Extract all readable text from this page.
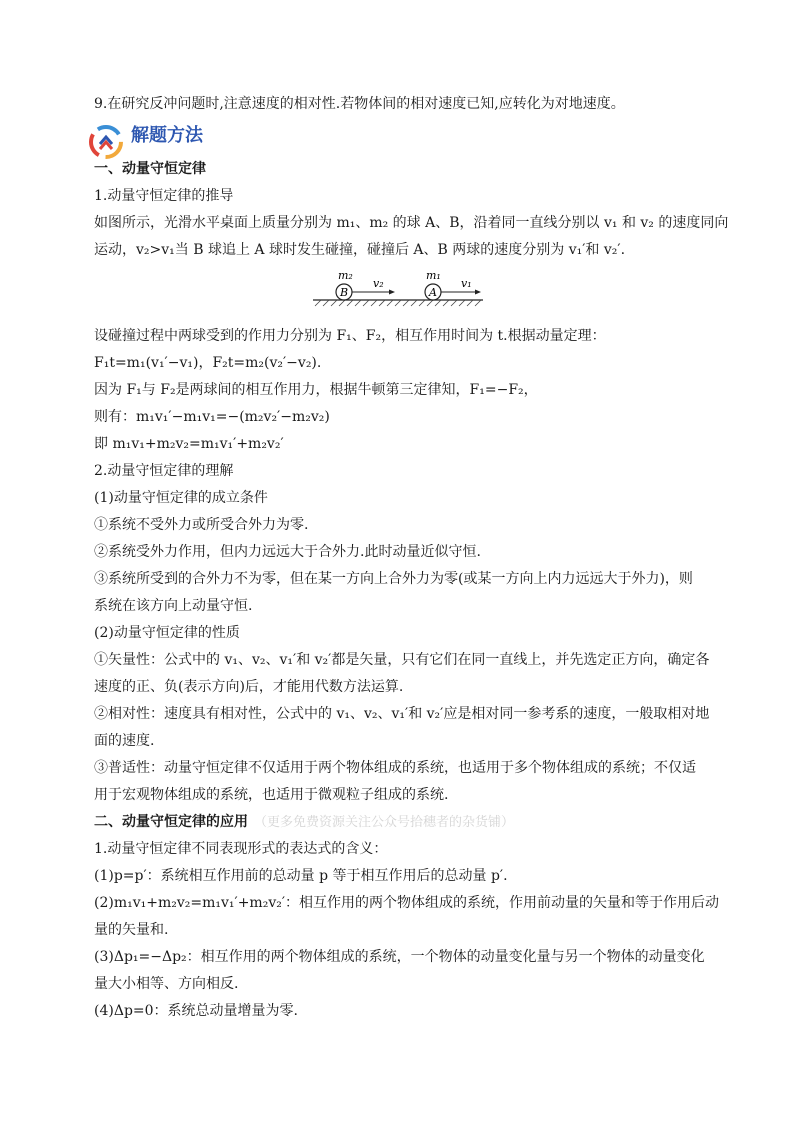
9.在研究反冲问题时,注意速度的相对性.若物体间的相对速度已知,应转化为对地速度。
解题方法
一、动量守恒定律
1.动量守恒定律的推导
如图所示，光滑水平桌面上质量分别为 m₁、m₂ 的球 A、B，沿着同一直线分别以 v₁ 和 v₂ 的速度同向
运动，v₂>v₁当 B 球追上 A 球时发生碰撞，碰撞后 A、B 两球的速度分别为 v₁′和 v₂′.
B
m₂
v₂
A
m₁
v₁
设碰撞过程中两球受到的作用力分别为 F₁、F₂，相互作用时间为 t.根据动量定理：
F₁t=m₁(v₁′−v₁)，F₂t=m₂(v₂′−v₂).
因为 F₁与 F₂是两球间的相互作用力，根据牛顿第三定律知，F₁=−F₂，
则有：m₁v₁′−m₁v₁=−(m₂v₂′−m₂v₂)
即 m₁v₁+m₂v₂=m₁v₁′+m₂v₂′
2.动量守恒定律的理解
(1)动量守恒定律的成立条件
①系统不受外力或所受合外力为零.
②系统受外力作用，但内力远远大于合外力.此时动量近似守恒.
③系统所受到的合外力不为零，但在某一方向上合外力为零(或某一方向上内力远远大于外力)，则
系统在该方向上动量守恒.
(2)动量守恒定律的性质
①矢量性：公式中的 v₁、v₂、v₁′和 v₂′都是矢量，只有它们在同一直线上，并先选定正方向，确定各
速度的正、负(表示方向)后，才能用代数方法运算.
②相对性：速度具有相对性，公式中的 v₁、v₂、v₁′和 v₂′应是相对同一参考系的速度，一般取相对地
面的速度.
③普适性：动量守恒定律不仅适用于两个物体组成的系统，也适用于多个物体组成的系统；不仅适
用于宏观物体组成的系统，也适用于微观粒子组成的系统.
二、动量守恒定律的应用 （更多免费资源关注公众号拾穗者的杂货铺）
1.动量守恒定律不同表现形式的表达式的含义：
(1)p=p′：系统相互作用前的总动量 p 等于相互作用后的总动量 p′.
(2)m₁v₁+m₂v₂=m₁v₁′+m₂v₂′：相互作用的两个物体组成的系统，作用前动量的矢量和等于作用后动
量的矢量和.
(3)Δp₁=−Δp₂：相互作用的两个物体组成的系统，一个物体的动量变化量与另一个物体的动量变化
量大小相等、方向相反.
(4)Δp=0：系统总动量增量为零.
